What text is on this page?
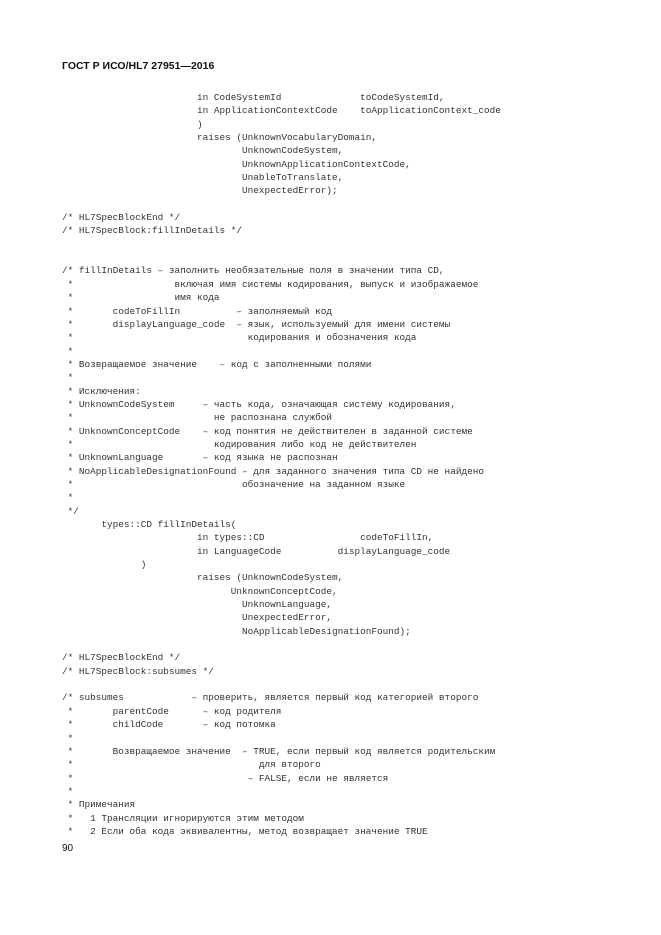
ГОСТ Р ИСО/HL7 27951—2016
in CodeSystemId              toCodeSystemId,
in ApplicationContextCode    toApplicationContext_code
)
raises (UnknownVocabularyDomain,
UnknownCodeSystem,
UnknownApplicationContextCode,
UnableToTranslate,
UnexpectedError);
/* HL7SpecBlockEnd */
/* HL7SpecBlock:fillInDetails */
/* fillInDetails – заполнить необязательные поля в значении типа CD,
*                  включая имя системы кодирования, выпуск и изображаемое
*                  имя кода
*       codeToFillIn          – заполняемый код
*       displayLanguage_code  – язык, используемый для имени системы
*                               кодирования и обозначения кода
*
* Возвращаемое значение    – код с заполненными полями
*
* Исключения:
* UnknownCodeSystem     – часть кода, означающая систему кодирования,
*                         не распознана службой
* UnknownConceptCode    – код понятия не действителен в заданной системе
*                         кодирования либо код не действителен
* UnknownLanguage       – код языка не распознан
* NoApplicableDesignationFound – для заданного значения типа CD не найдено
*                              обозначение на заданном языке
*
*/
types::CD fillInDetails(
in types::CD                 codeToFillIn,
in LanguageCode          displayLanguage_code
)
raises (UnknownCodeSystem,
UnknownConceptCode,
UnknownLanguage,
UnexpectedError,
NoApplicableDesignationFound);
/* HL7SpecBlockEnd */
/* HL7SpecBlock:subsumes */
/* subsumes            – проверить, является первый код категорией второго
*       parentCode      – код родителя
*       childCode       – код потомка
*
*       Возвращаемое значение  – TRUE, если первый код является родительским
*                                 для второго
*                               – FALSE, если не является
*
* Примечания
*   1 Трансляции игнорируются этим методом
*   2 Если оба кода эквивалентны, метод возвращает значение TRUE
90
